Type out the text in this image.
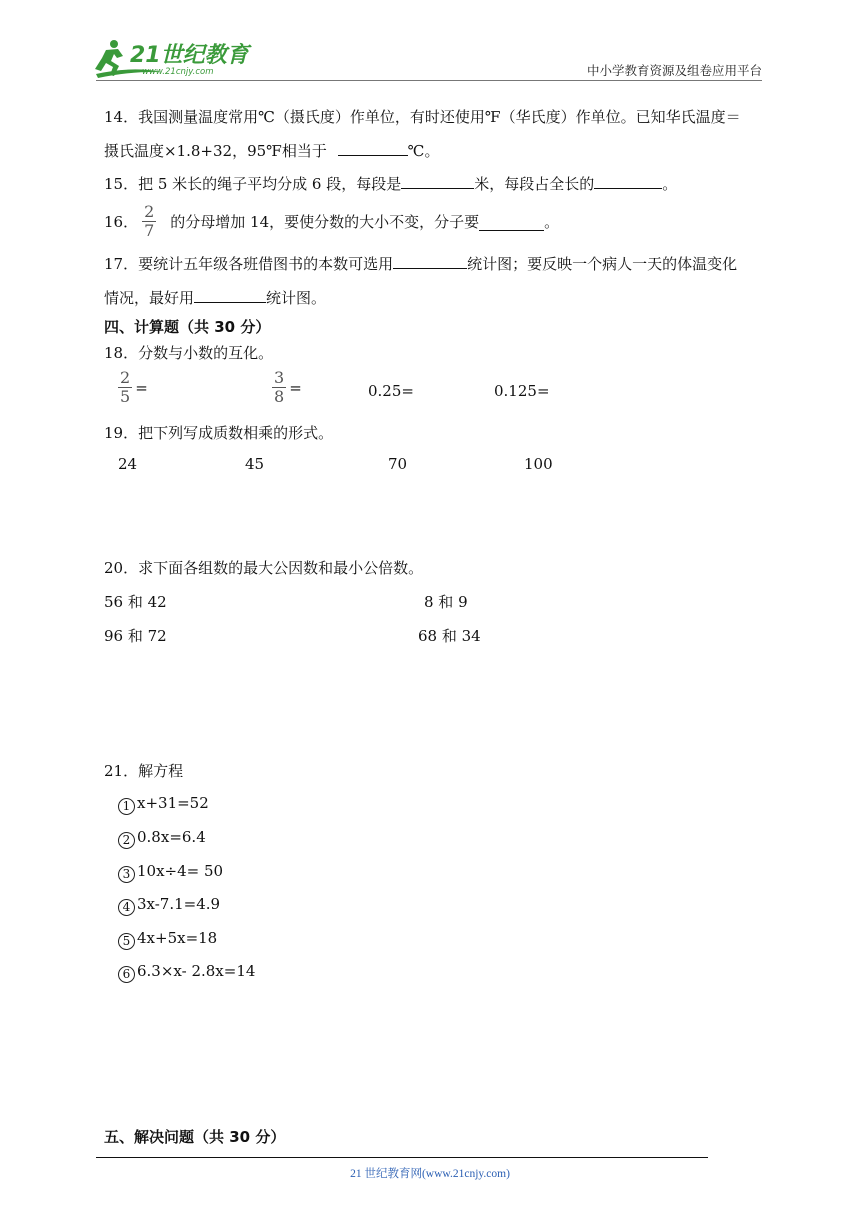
21世纪教育
www.21cnjy.com	中小学教育资源及组卷应用平台
14．我国测量温度常用℃（摄氏度）作单位，有时还使用℉（华氏度）作单位。已知华氏温度＝
摄氏温度×1.8+32，95℉相当于	℃。
15．把 5 米长的绳子平均分成 6 段，每段是	米，每段占全长的	。
16． $\frac{2}{7}$ 的分母增加 14，要使分数的大小不变，分子要	。
17．要统计五年级各班借图书的本数可选用	统计图；要反映一个病人一天的体温变化
情况，最好用	统计图。
四、计算题（共 30 分）
18．分数与小数的互化。
$\frac{2}{5}$ =	$\frac{3}{8}$ =	0.25=	0.125=
19．把下列写成质数相乘的形式。
24	45	70	100
20．求下面各组数的最大公因数和最小公倍数。
56 和 42	8 和 9
96 和 72	68 和 34
21．解方程
1 x+31=52
2 0.8x=6.4
3 10x÷4= 50
4 3x-7.1=4.9
5 4x+5x=18
6 6.3×x- 2.8x=14
五、解决问题（共 30 分）
21 世纪教育网(www.21cnjy.com)
